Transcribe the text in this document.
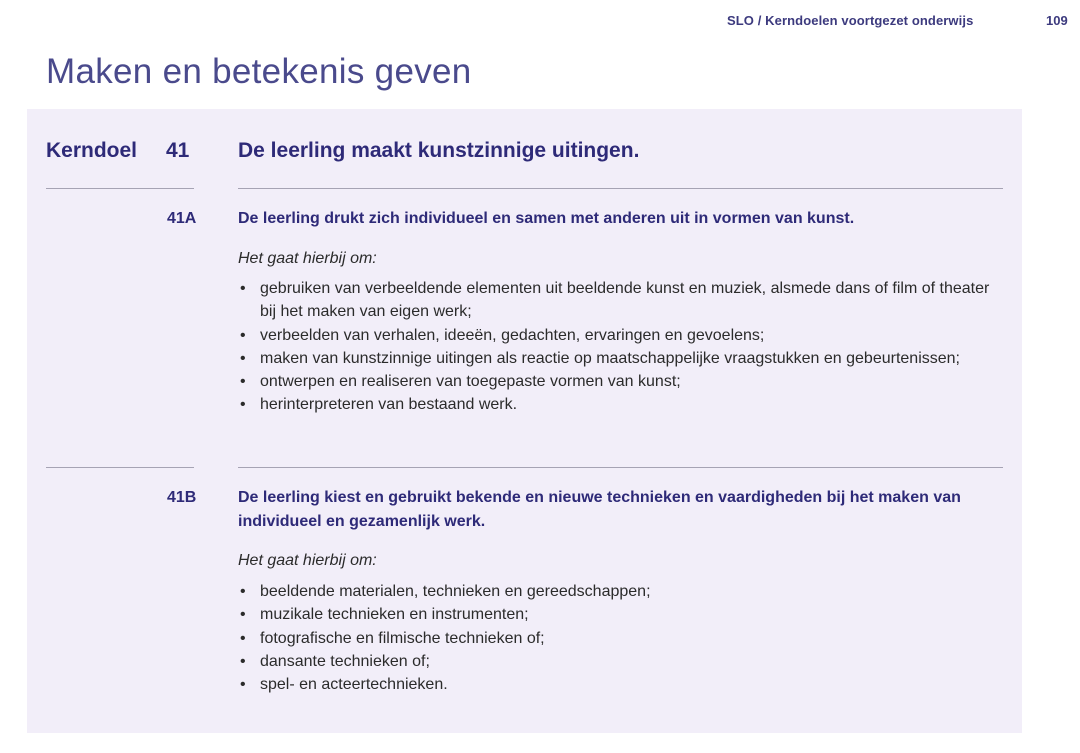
SLO / Kerndoelen voortgezet onderwijs	109
Maken en betekenis geven
Kerndoel 41 De leerling maakt kunstzinnige uitingen.
41A	De leerling drukt zich individueel en samen met anderen uit in vormen van kunst.
Het gaat hierbij om:
• gebruiken van verbeeldende elementen uit beeldende kunst en muziek, alsmede dans of film of theater bij het maken van eigen werk;
• verbeelden van verhalen, ideeën, gedachten, ervaringen en gevoelens;
• maken van kunstzinnige uitingen als reactie op maatschappelijke vraagstukken en gebeurtenissen;
• ontwerpen en realiseren van toegepaste vormen van kunst;
• herinterpreteren van bestaand werk.
41B	De leerling kiest en gebruikt bekende en nieuwe technieken en vaardigheden bij het maken van individueel en gezamenlijk werk.
Het gaat hierbij om:
• beeldende materialen, technieken en gereedschappen;
• muzikale technieken en instrumenten;
• fotografische en filmische technieken of;
• dansante technieken of;
• spel- en acteertechnieken.
